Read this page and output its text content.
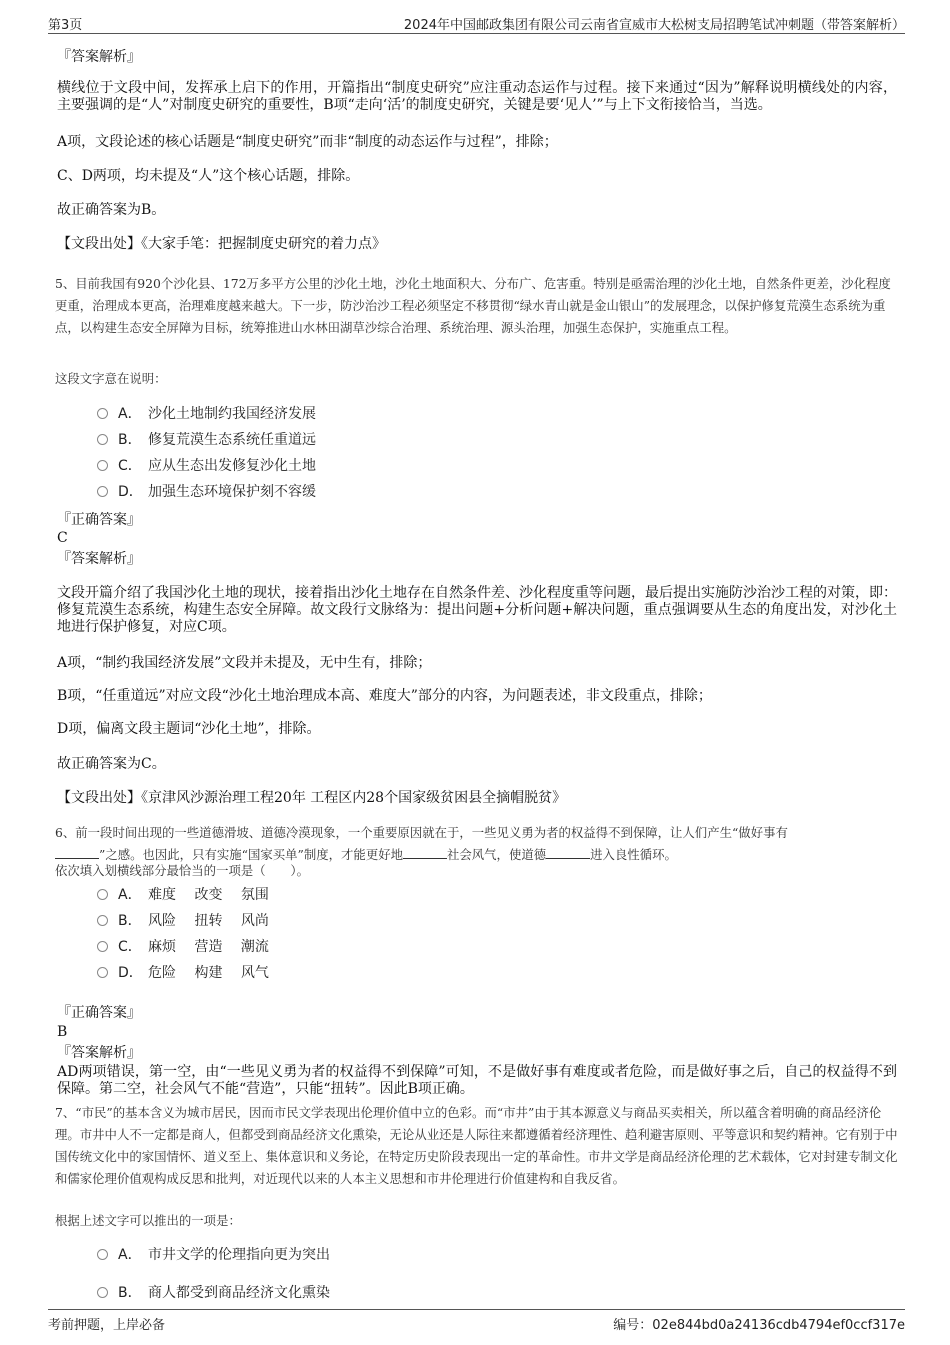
第3页	2024年中国邮政集团有限公司云南省宣威市大松树支局招聘笔试冲刺题（带答案解析）

『答案解析』

横线位于文段中间，发挥承上启下的作用，开篇指出“制度史研究”应注重动态运作与过程。接下来通过“因为”解释说明横线处的内容，主要强调的是“人”对制度史研究的重要性，B项“走向‘活’的制度史研究，关键是要‘见人’”与上下文衔接恰当，当选。

A项，文段论述的核心话题是“制度史研究”而非“制度的动态运作与过程”，排除；

C、D两项，均未提及“人”这个核心话题，排除。

故正确答案为B。

【文段出处】《大家手笔：把握制度史研究的着力点》

5、目前我国有920个沙化县、172万多平方公里的沙化土地，沙化土地面积大、分布广、危害重。特别是亟需治理的沙化土地，自然条件更差，沙化程度更重，治理成本更高，治理难度越来越大。下一步，防沙治沙工程必须坚定不移贯彻“绿水青山就是金山银山”的发展理念，以保护修复荒漠生态系统为重点，以构建生态安全屏障为目标，统筹推进山水林田湖草沙综合治理、系统治理、源头治理，加强生态保护，实施重点工程。

这段文字意在说明：

A． 沙化土地制约我国经济发展
B． 修复荒漠生态系统任重道远
C． 应从生态出发修复沙化土地
D． 加强生态环境保护刻不容缓

『正确答案』

C

『答案解析』

文段开篇介绍了我国沙化土地的现状，接着指出沙化土地存在自然条件差、沙化程度重等问题，最后提出实施防沙治沙工程的对策，即：修复荒漠生态系统，构建生态安全屏障。故文段行文脉络为：提出问题+分析问题+解决问题，重点强调要从生态的角度出发，对沙化土地进行保护修复，对应C项。

A项，“制约我国经济发展”文段并未提及，无中生有，排除；

B项，“任重道远”对应文段“沙化土地治理成本高、难度大”部分的内容，为问题表述，非文段重点，排除；

D项，偏离文段主题词“沙化土地”，排除。

故正确答案为C。

【文段出处】《京津风沙源治理工程20年 工程区内28个国家级贫困县全摘帽脱贫》

6、前一段时间出现的一些道德滑坡、道德冷漠现象，一个重要原因就在于，一些见义勇为者的权益得不到保障，让人们产生“做好事有
”之感。也因此，只有实施“国家买单”制度，才能更好地	社会风气，使道德	进入良性循环。

依次填入划横线部分最恰当的一项是（　　）。

A． 难度　 改变　 氛围
B． 风险　 扭转　 风尚
C． 麻烦　 营造　 潮流
D． 危险　 构建　 风气

『正确答案』

B

『答案解析』

AD两项错误，第一空，由“一些见义勇为者的权益得不到保障”可知，不是做好事有难度或者危险，而是做好事之后，自己的权益得不到保障。第二空，社会风气不能“营造”，只能“扭转”。因此B项正确。

7、“市民”的基本含义为城市居民，因而市民文学表现出伦理价值中立的色彩。而“市井”由于其本源意义与商品买卖相关，所以蕴含着明确的商品经济伦理。市井中人不一定都是商人，但都受到商品经济文化熏染，无论从业还是人际往来都遵循着经济理性、趋利避害原则、平等意识和契约精神。它有别于中国传统文化中的家国情怀、道义至上、集体意识和义务论，在特定历史阶段表现出一定的革命性。市井文学是商品经济伦理的艺术载体，它对封建专制文化和儒家伦理价值观构成反思和批判，对近现代以来的人本主义思想和市井伦理进行价值建构和自我反省。

根据上述文字可以推出的一项是：

A． 市井文学的伦理指向更为突出
B． 商人都受到商品经济文化熏染
考前押题，上岸必备	编号：02e844bd0a24136cdb4794ef0ccf317e
